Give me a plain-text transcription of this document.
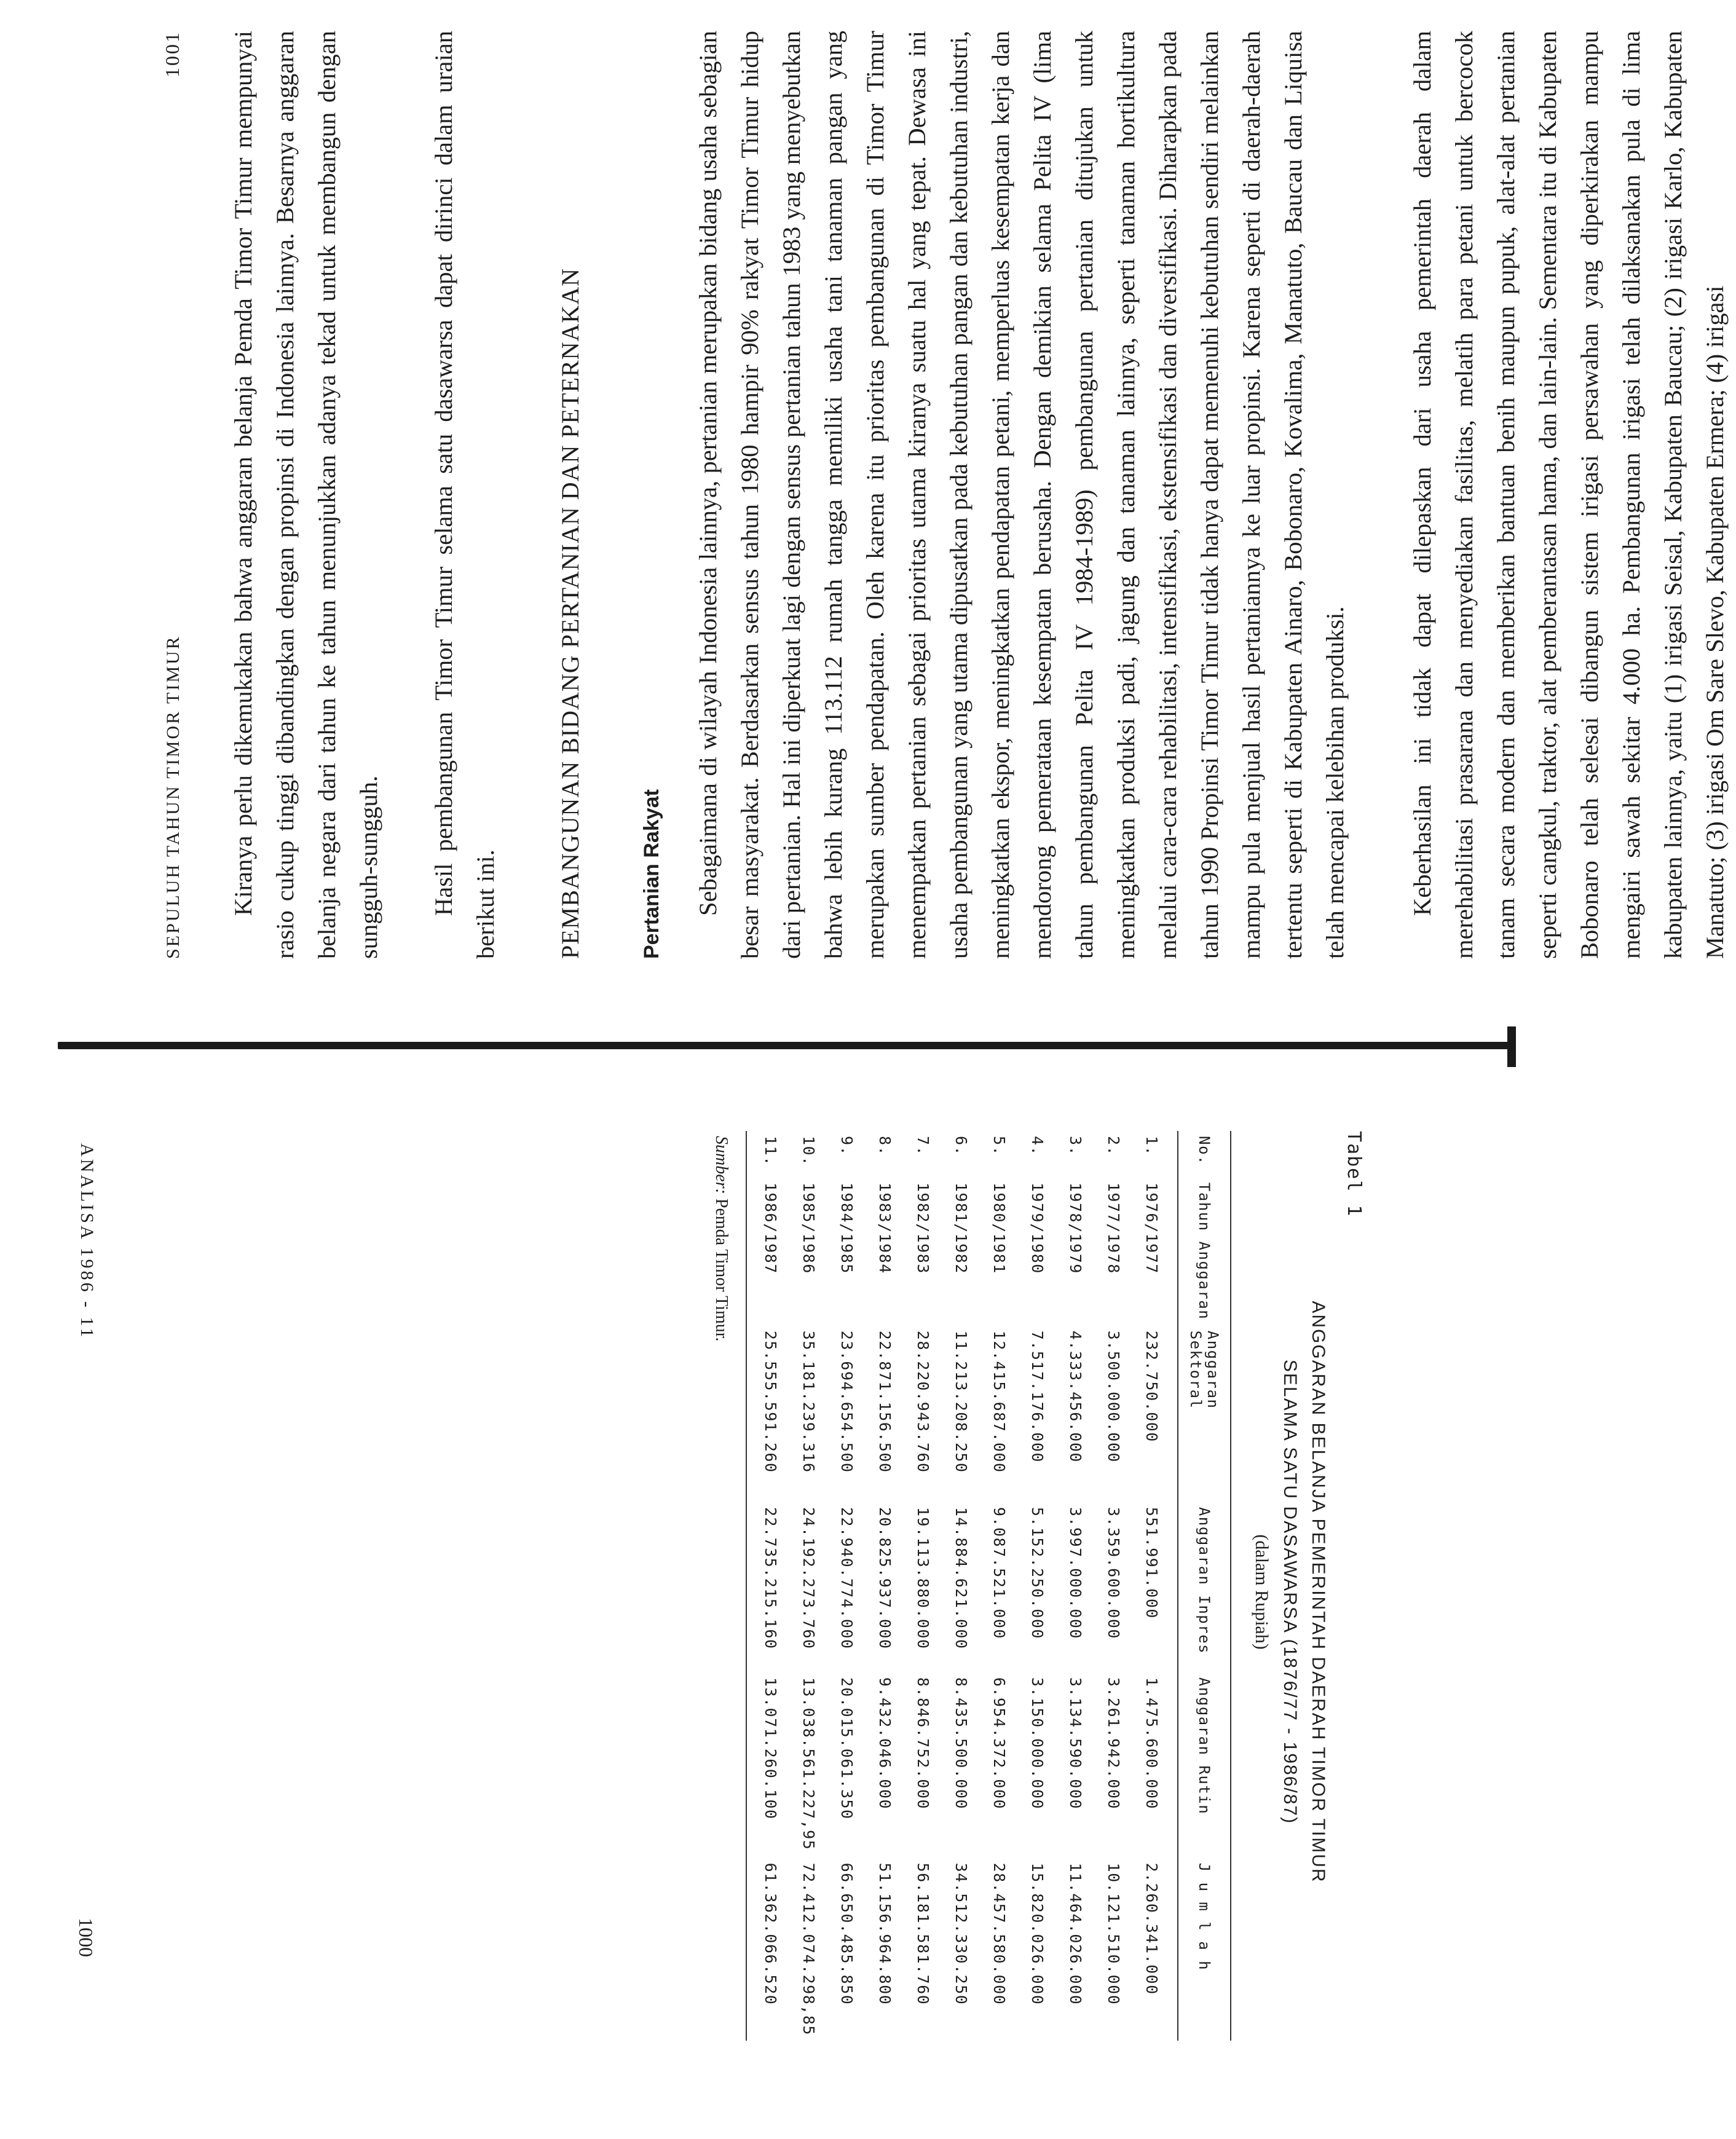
SEPULUH TAHUN TIMOR TIMUR
1001 Kiranya perlu dikemukakan bahwa anggaran belanja Pemda Timor Timur mempunyai rasio cukup tinggi dibandingkan dengan propinsi di Indonesia lainnya. Besarnya anggaran belanja negara dari tahun ke tahun menunjukkan adanya tekad untuk membangun dengan sungguh-sungguh. Hasil pembangunan Timor Timur selama satu dasawarsa dapat dirinci dalam uraian berikut ini.	PEMBANGUNAN BIDANG PERTANIAN DAN PETERNAKAN	Pertanian Rakyat Sebagaimana di wilayah Indonesia lainnya, pertanian merupakan bidang usaha sebagian besar masyarakat. Berdasarkan sensus tahun 1980 hampir 90% rakyat Timor Timur hidup dari pertanian. Hal ini diperkuat lagi dengan sensus pertanian tahun 1983 yang menyebutkan bahwa lebih kurang 113.112 rumah tangga memiliki usaha tani tanaman pangan yang merupakan sumber pendapatan. Oleh karena itu prioritas pembangunan di Timor Timur menempatkan pertanian sebagai prioritas utama kiranya suatu hal yang tepat. Dewasa ini usaha pembangunan yang utama dipusatkan pada kebutuhan pangan dan kebutuhan industri, meningkatkan ekspor, meningkatkan pendapatan petani, memperluas kesempatan kerja dan mendorong pemerataan kesempatan berusaha. Dengan demikian selama Pelita IV (lima tahun pembangunan Pelita IV 1984-1989) pembangunan pertanian ditujukan untuk meningkatkan produksi padi, jagung dan tanaman lainnya, seperti tanaman hortikultura melalui cara-cara rehabilitasi, intensifikasi, ekstensifikasi dan diversifikasi. Diharapkan pada tahun 1990 Propinsi Timor Timur tidak hanya dapat memenuhi kebutuhan sendiri melainkan mampu pula menjual hasil pertaniannya ke luar propinsi. Karena seperti di daerah-daerah tertentu seperti di Kabupaten Ainaro, Bobonaro, Kovalima, Manatuto, Baucau dan Liquisa telah mencapai kelebihan produksi. Keberhasilan ini tidak dapat dilepaskan dari usaha pemerintah daerah dalam merehabilitasi prasarana dan menyediakan fasilitas, melatih para petani untuk bercocok tanam secara modern dan memberikan bantuan benih maupun pupuk, alat-alat pertanian seperti cangkul, traktor, alat pemberantasan hama, dan lain-lain. Sementara itu di Kabupaten Bobonaro telah selesai dibangun sistem irigasi persawahan yang diperkirakan mampu mengairi sawah sekitar 4.000 ha. Pembangunan irigasi telah dilaksanakan pula di lima kabupaten lainnya, yaitu (1) irigasi Seisal, Kabupaten Baucau; (2) irigasi Karlo, Kabupaten Manatuto; (3) irigasi Om Sare Slevo, Kabupaten Ermera; (4) irigasi

ANALISA 1986 - 11
1000

Tabel 1

ANGGARAN BELANJA PEMERINTAH DAERAH TIMOR TIMUR

SELAMA SATU DASAWARSA (1876/77 - 1986/87)

(dalam Rupiah)

No.	Tahun Anggaran	Anggaran Sektoral	Anggaran Inpres	Anggaran Rutin	J u m l a h
1.	1976/1977	232.750.000	551.991.000	1.475.600.000	2.260.341.000
2.	1977/1978	3.500.000.000	3.359.600.000	3.261.942.000	10.121.510.000
3.	1978/1979	4.333.456.000	3.997.000.000	3.134.590.000	11.464.026.000
4.	1979/1980	7.517.176.000	5.152.250.000	3.150.000.000	15.820.026.000
5.	1980/1981	12.415.687.000	9.087.521.000	6.954.372.000	28.457.580.000
6.	1981/1982	11.213.208.250	14.884.621.000	8.435.500.000	34.512.330.250
7.	1982/1983	28.220.943.760	19.113.880.000	8.846.752.000	56.181.581.760
8.	1983/1984	22.871.156.500	20.825.937.000	9.432.046.000	51.156.964.800
9.	1984/1985	23.694.654.500	22.940.774.000	20.015.061.350	66.650.485.850
10.	1985/1986	35.181.239.316	24.192.273.760	13.038.561.227,95	72.412.074.298,85
11.	1986/1987	25.555.591.260	22.735.215.160	13.071.260.100	61.362.066.520

Sumber: Pemda Timor Timur.
